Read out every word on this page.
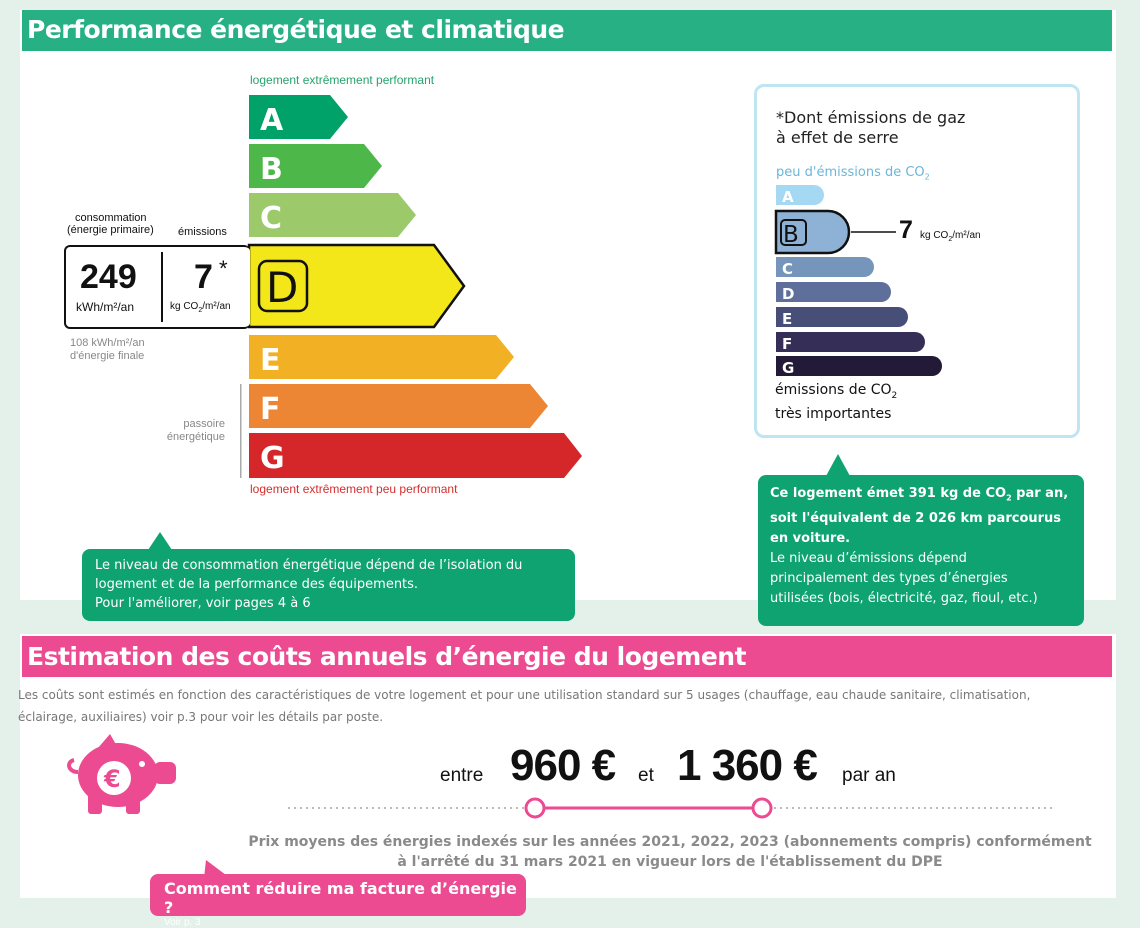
Performance énergétique et climatique
logement extrêmement performant
logement extrêmement peu performant
A
B
C
D
E
F
G
consommation
(énergie primaire) émissions
249
kWh/m²/an
7 *
kg $CO_2/m^2/an$
108 kWh/m²/an
d'énergie finale
passoire
énergétique
Le niveau de consommation énergétique dépend de l’isolation du
logement et de la performance des équipements.
Pour l'améliorer, voir pages 4 à 6
*Dont émissions de gaz
à effet de serre
peu d'émissions de $CO_2$
A
B
C
D
E
F
G
7 kg $CO_2/m^2/an$
émissions de $CO_2$
très importantes
Ce logement émet 391 kg de $CO_2$ par an,
soit l'équivalent de 2 026 km parcourus
en voiture.
Le niveau d’émissions dépend
principalement des types d’énergies
utilisées (bois, électricité, gaz, fioul, etc.)
Estimation des coûts annuels d’énergie du logement
Les coûts sont estimés en fonction des caractéristiques de votre logement et pour une utilisation standard sur 5 usages (chauffage, eau chaude sanitaire, climatisation,
éclairage, auxiliaires) voir p.3 pour voir les détails par poste.
€	entre 960 € et 1 360 € par an
Prix moyens des énergies indexés sur les années 2021, 2022, 2023 (abonnements compris) conformément
à l'arrêté du 31 mars 2021 en vigueur lors de l'établissement du DPE
Comment réduire ma facture d’énergie ?
Voir p. 3
